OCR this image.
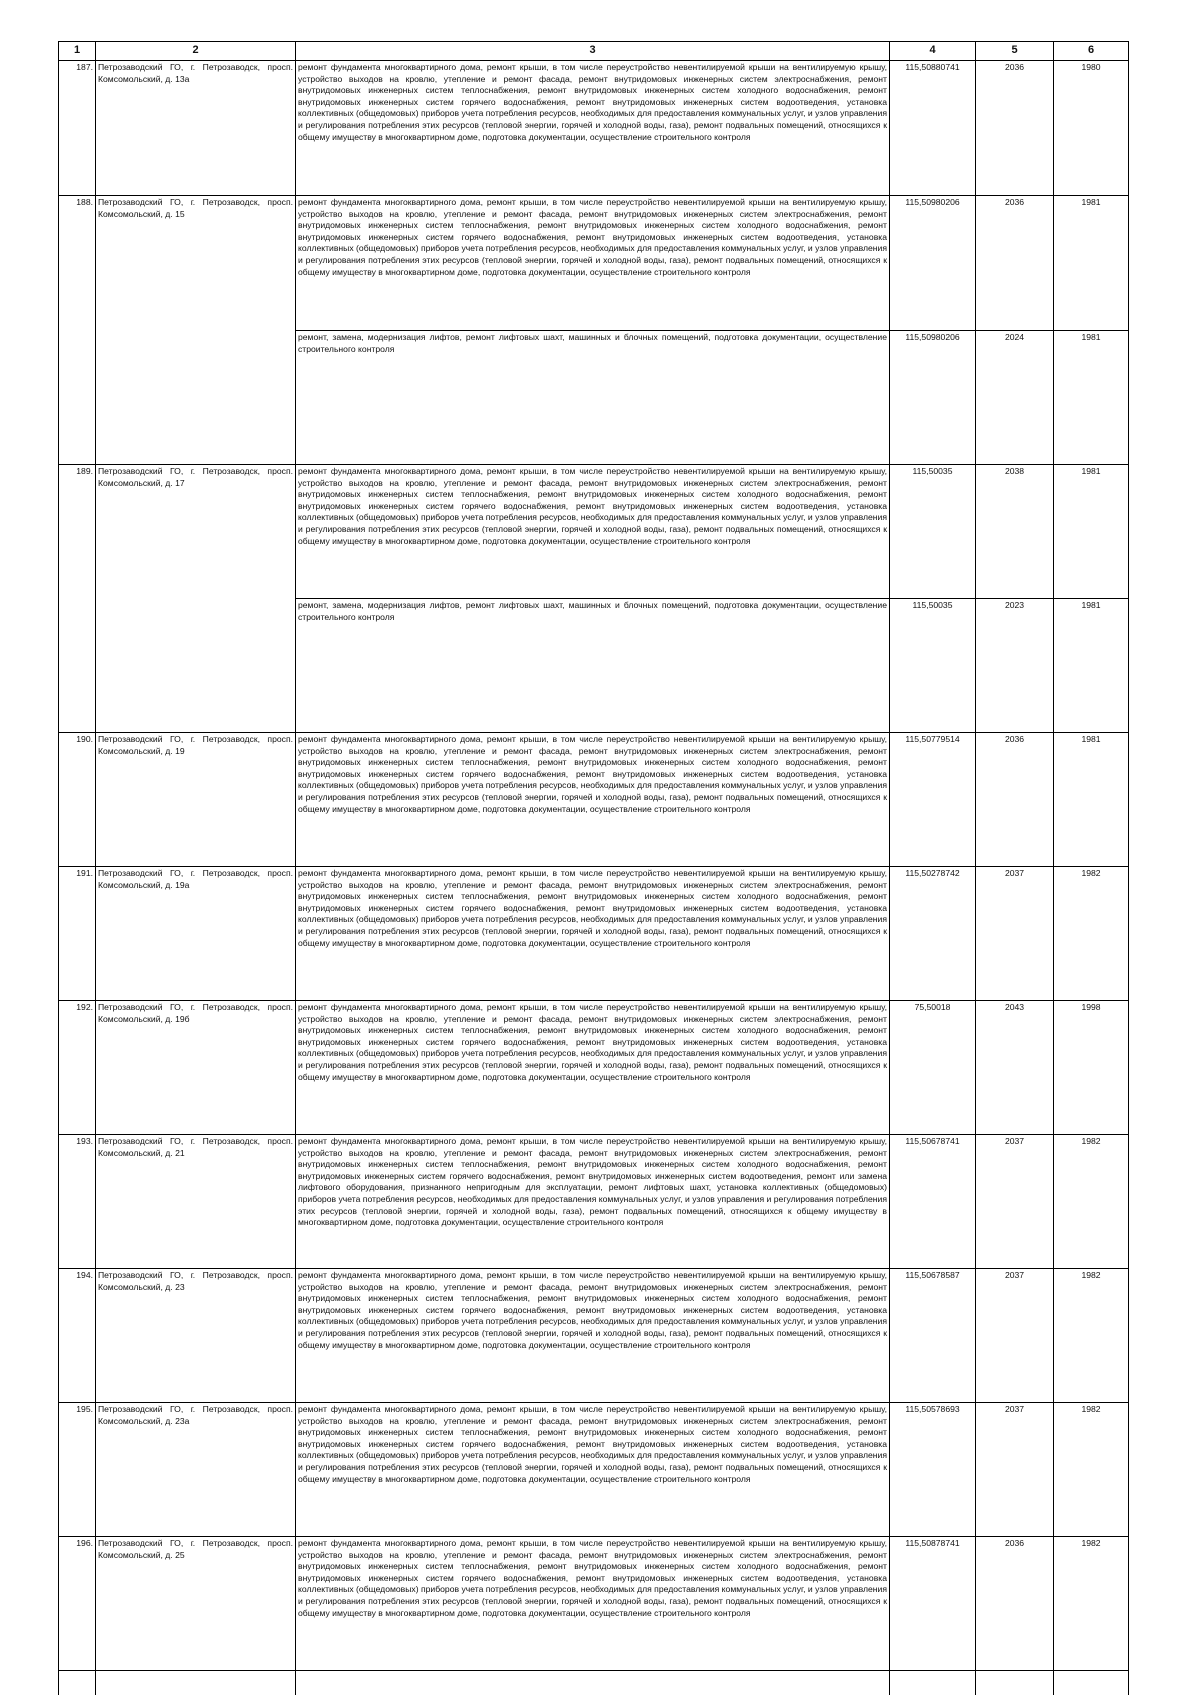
1	2	3	4	5	6
187.	Петрозаводский ГО, г. Петрозаводск, просп. Комсомольский, д. 13а	ремонт фундамента многоквартирного дома, ремонт крыши, в том числе переустройство невентилируемой крыши на вентилируемую крышу, устройство выходов на кровлю, утепление и ремонт фасада, ремонт внутридомовых инженерных систем электроснабжения, ремонт внутридомовых инженерных систем теплоснабжения, ремонт внутридомовых инженерных систем холодного водоснабжения, ремонт внутридомовых инженерных систем горячего водоснабжения, ремонт внутридомовых инженерных систем водоотведения, установка коллективных (общедомовых) приборов учета потребления ресурсов, необходимых для предоставления коммунальных услуг, и узлов управления и регулирования потребления этих ресурсов (тепловой энергии, горячей и холодной воды, газа), ремонт подвальных помещений, относящихся к общему имуществу в многоквартирном доме, подготовка документации, осуществление строительного контроля	115,50880741	2036	1980
188.	Петрозаводский ГО, г. Петрозаводск, просп. Комсомольский, д. 15	ремонт фундамента многоквартирного дома, ремонт крыши, в том числе переустройство невентилируемой крыши на вентилируемую крышу, устройство выходов на кровлю, утепление и ремонт фасада, ремонт внутридомовых инженерных систем электроснабжения, ремонт внутридомовых инженерных систем теплоснабжения, ремонт внутридомовых инженерных систем холодного водоснабжения, ремонт внутридомовых инженерных систем горячего водоснабжения, ремонт внутридомовых инженерных систем водоотведения, установка коллективных (общедомовых) приборов учета потребления ресурсов, необходимых для предоставления коммунальных услуг, и узлов управления и регулирования потребления этих ресурсов (тепловой энергии, горячей и холодной воды, газа), ремонт подвальных помещений, относящихся к общему имуществу в многоквартирном доме, подготовка документации, осуществление строительного контроля	115,50980206	2036	1981
		ремонт, замена, модернизация лифтов, ремонт лифтовых шахт, машинных и блочных помещений, подготовка документации, осуществление строительного контроля	115,50980206	2024	1981
189.	Петрозаводский ГО, г. Петрозаводск, просп. Комсомольский, д. 17	ремонт фундамента многоквартирного дома, ремонт крыши, в том числе переустройство невентилируемой крыши на вентилируемую крышу, устройство выходов на кровлю, утепление и ремонт фасада, ремонт внутридомовых инженерных систем электроснабжения, ремонт внутридомовых инженерных систем теплоснабжения, ремонт внутридомовых инженерных систем холодного водоснабжения, ремонт внутридомовых инженерных систем горячего водоснабжения, ремонт внутридомовых инженерных систем водоотведения, установка коллективных (общедомовых) приборов учета потребления ресурсов, необходимых для предоставления коммунальных услуг, и узлов управления и регулирования потребления этих ресурсов (тепловой энергии, горячей и холодной воды, газа), ремонт подвальных помещений, относящихся к общему имуществу в многоквартирном доме, подготовка документации, осуществление строительного контроля	115,50035	2038	1981
		ремонт, замена, модернизация лифтов, ремонт лифтовых шахт, машинных и блочных помещений, подготовка документации, осуществление строительного контроля	115,50035	2023	1981
190.	Петрозаводский ГО, г. Петрозаводск, просп. Комсомольский, д. 19	ремонт фундамента многоквартирного дома, ремонт крыши, в том числе переустройство невентилируемой крыши на вентилируемую крышу, устройство выходов на кровлю, утепление и ремонт фасада, ремонт внутридомовых инженерных систем электроснабжения, ремонт внутридомовых инженерных систем теплоснабжения, ремонт внутридомовых инженерных систем холодного водоснабжения, ремонт внутридомовых инженерных систем горячего водоснабжения, ремонт внутридомовых инженерных систем водоотведения, установка коллективных (общедомовых) приборов учета потребления ресурсов, необходимых для предоставления коммунальных услуг, и узлов управления и регулирования потребления этих ресурсов (тепловой энергии, горячей и холодной воды, газа), ремонт подвальных помещений, относящихся к общему имуществу в многоквартирном доме, подготовка документации, осуществление строительного контроля	115,50779514	2036	1981
191.	Петрозаводский ГО, г. Петрозаводск, просп. Комсомольский, д. 19а	ремонт фундамента многоквартирного дома, ремонт крыши, в том числе переустройство невентилируемой крыши на вентилируемую крышу, устройство выходов на кровлю, утепление и ремонт фасада, ремонт внутридомовых инженерных систем электроснабжения, ремонт внутридомовых инженерных систем теплоснабжения, ремонт внутридомовых инженерных систем холодного водоснабжения, ремонт внутридомовых инженерных систем горячего водоснабжения, ремонт внутридомовых инженерных систем водоотведения, установка коллективных (общедомовых) приборов учета потребления ресурсов, необходимых для предоставления коммунальных услуг, и узлов управления и регулирования потребления этих ресурсов (тепловой энергии, горячей и холодной воды, газа), ремонт подвальных помещений, относящихся к общему имуществу в многоквартирном доме, подготовка документации, осуществление строительного контроля	115,50278742	2037	1982
192.	Петрозаводский ГО, г. Петрозаводск, просп. Комсомольский, д. 19б	ремонт фундамента многоквартирного дома, ремонт крыши, в том числе переустройство невентилируемой крыши на вентилируемую крышу, устройство выходов на кровлю, утепление и ремонт фасада, ремонт внутридомовых инженерных систем электроснабжения, ремонт внутридомовых инженерных систем теплоснабжения, ремонт внутридомовых инженерных систем холодного водоснабжения, ремонт внутридомовых инженерных систем горячего водоснабжения, ремонт внутридомовых инженерных систем водоотведения, установка коллективных (общедомовых) приборов учета потребления ресурсов, необходимых для предоставления коммунальных услуг, и узлов управления и регулирования потребления этих ресурсов (тепловой энергии, горячей и холодной воды, газа), ремонт подвальных помещений, относящихся к общему имуществу в многоквартирном доме, подготовка документации, осуществление строительного контроля	75,50018	2043	1998
193.	Петрозаводский ГО, г. Петрозаводск, просп. Комсомольский, д. 21	ремонт фундамента многоквартирного дома, ремонт крыши, в том числе переустройство невентилируемой крыши на вентилируемую крышу, устройство выходов на кровлю, утепление и ремонт фасада, ремонт внутридомовых инженерных систем электроснабжения, ремонт внутридомовых инженерных систем теплоснабжения, ремонт внутридомовых инженерных систем холодного водоснабжения, ремонт внутридомовых инженерных систем горячего водоснабжения, ремонт внутридомовых инженерных систем водоотведения, ремонт или замена лифтового оборудования, признанного непригодным для эксплуатации, ремонт лифтовых шахт, установка коллективных (общедомовых) приборов учета потребления ресурсов, необходимых для предоставления коммунальных услуг, и узлов управления и регулирования потребления этих ресурсов (тепловой энергии, горячей и холодной воды, газа), ремонт подвальных помещений, относящихся к общему имуществу в многоквартирном доме, подготовка документации, осуществление строительного контроля	115,50678741	2037	1982
194.	Петрозаводский ГО, г. Петрозаводск, просп. Комсомольский, д. 23	ремонт фундамента многоквартирного дома, ремонт крыши, в том числе переустройство невентилируемой крыши на вентилируемую крышу, устройство выходов на кровлю, утепление и ремонт фасада, ремонт внутридомовых инженерных систем электроснабжения, ремонт внутридомовых инженерных систем теплоснабжения, ремонт внутридомовых инженерных систем холодного водоснабжения, ремонт внутридомовых инженерных систем горячего водоснабжения, ремонт внутридомовых инженерных систем водоотведения, установка коллективных (общедомовых) приборов учета потребления ресурсов, необходимых для предоставления коммунальных услуг, и узлов управления и регулирования потребления этих ресурсов (тепловой энергии, горячей и холодной воды, газа), ремонт подвальных помещений, относящихся к общему имуществу в многоквартирном доме, подготовка документации, осуществление строительного контроля	115,50678587	2037	1982
195.	Петрозаводский ГО, г. Петрозаводск, просп. Комсомольский, д. 23а	ремонт фундамента многоквартирного дома, ремонт крыши, в том числе переустройство невентилируемой крыши на вентилируемую крышу, устройство выходов на кровлю, утепление и ремонт фасада, ремонт внутридомовых инженерных систем электроснабжения, ремонт внутридомовых инженерных систем теплоснабжения, ремонт внутридомовых инженерных систем холодного водоснабжения, ремонт внутридомовых инженерных систем горячего водоснабжения, ремонт внутридомовых инженерных систем водоотведения, установка коллективных (общедомовых) приборов учета потребления ресурсов, необходимых для предоставления коммунальных услуг, и узлов управления и регулирования потребления этих ресурсов (тепловой энергии, горячей и холодной воды, газа), ремонт подвальных помещений, относящихся к общему имуществу в многоквартирном доме, подготовка документации, осуществление строительного контроля	115,50578693	2037	1982
196.	Петрозаводский ГО, г. Петрозаводск, просп. Комсомольский, д. 25	ремонт фундамента многоквартирного дома, ремонт крыши, в том числе переустройство невентилируемой крыши на вентилируемую крышу, устройство выходов на кровлю, утепление и ремонт фасада, ремонт внутридомовых инженерных систем электроснабжения, ремонт внутридомовых инженерных систем теплоснабжения, ремонт внутридомовых инженерных систем холодного водоснабжения, ремонт внутридомовых инженерных систем горячего водоснабжения, ремонт внутридомовых инженерных систем водоотведения, установка коллективных (общедомовых) приборов учета потребления ресурсов, необходимых для предоставления коммунальных услуг, и узлов управления и регулирования потребления этих ресурсов (тепловой энергии, горячей и холодной воды, газа), ремонт подвальных помещений, относящихся к общему имуществу в многоквартирном доме, подготовка документации, осуществление строительного контроля	115,50878741	2036	1982
